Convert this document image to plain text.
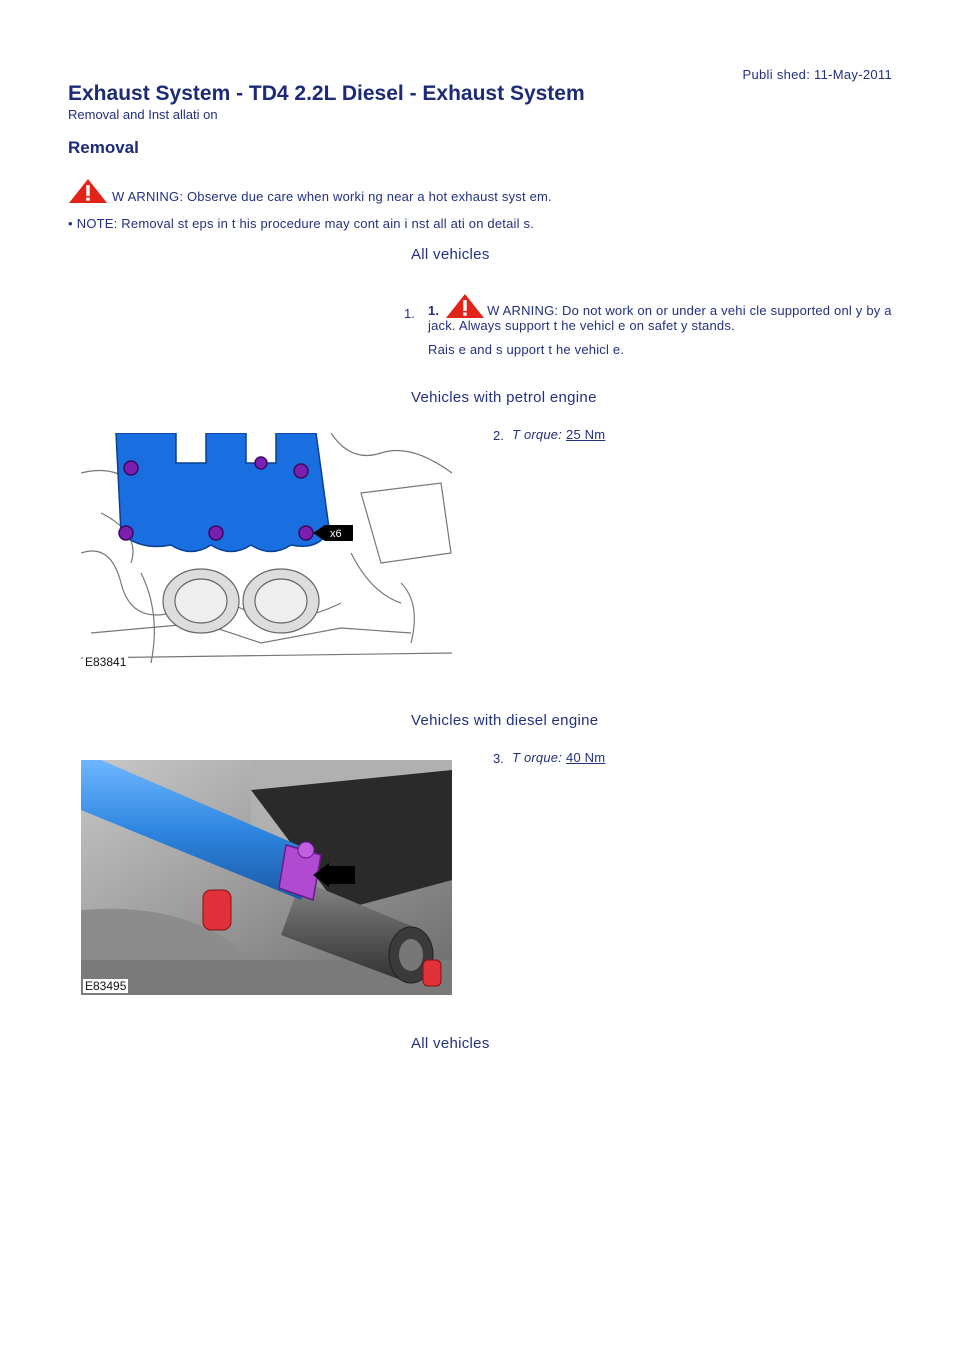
Publi shed: 11-May-2011
Exhaust System - TD4 2.2L Diesel - Exhaust System
Removal and Inst allati on
Removal
W ARNING: Observe due care when worki ng near a hot exhaust syst em.
• NOTE: Removal st eps in t his procedure may cont ain i nst all ati on detail s.
All vehicles
1. 1.	W ARNING: Do not work on or under a vehi cle supported onl y by a jack. Always support t he vehicl e on safet y stands.
Rais e and s upport t he vehicl e.
Vehicles with petrol engine
x6
E83841
2. T orque: 25 Nm
Vehicles with diesel engine
E83495
3. T orque: 40 Nm
All vehicles
